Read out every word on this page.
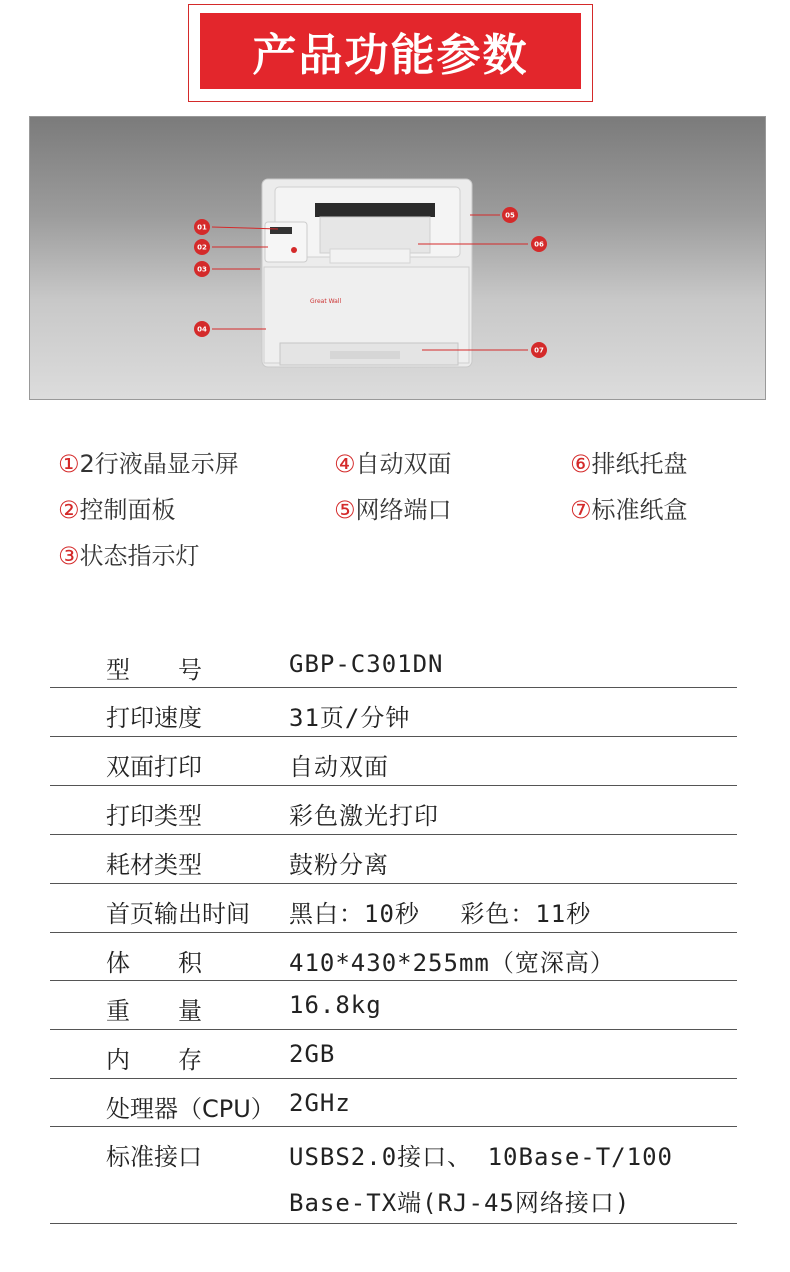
产品功能参数
Great Wall
01
02
03
04
05
06
07
①2行液晶显示屏	④自动双面	⑥排纸托盘
②控制面板	⑤网络端口	⑦标准纸盒
③状态指示灯
型　　号	GBP-C301DN
打印速度	31页/分钟
双面打印	自动双面
打印类型	彩色激光打印
耗材类型	鼓粉分离
首页输出时间 黑白：10秒　 彩色：11秒
体　　积	410*430*255mm（宽深高）
重　　量	16.8kg
内　　存	2GB
处理器（CPU） 2GHz
标准接口	USBS2.0接口、 10Base-T/100
Base-TX端(RJ-45网络接口)
